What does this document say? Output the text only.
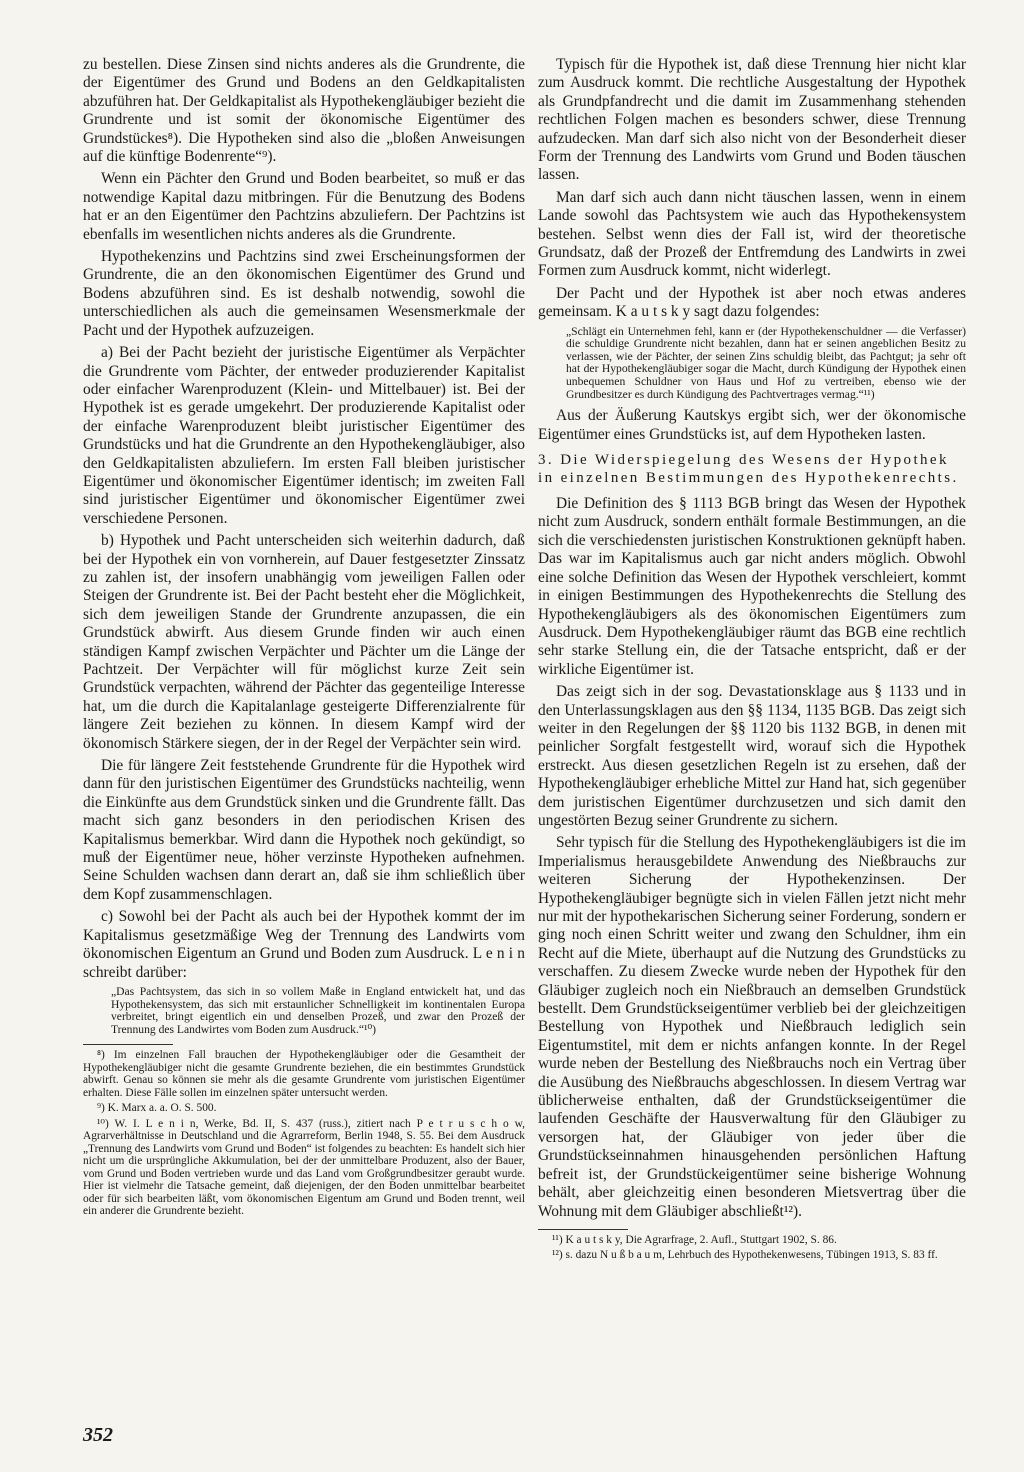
zu bestellen. Diese Zinsen sind nichts anderes als die Grundrente, die der Eigentümer des Grund und Bodens an den Geldkapitalisten abzuführen hat. Der Geldkapitalist als Hypothekengläubiger bezieht die Grundrente und ist somit der ökonomische Eigentümer des Grundstückes⁸). Die Hypotheken sind also die „bloßen Anweisungen auf die künftige Bodenrente“⁹).

Wenn ein Pächter den Grund und Boden bearbeitet, so muß er das notwendige Kapital dazu mitbringen. Für die Benutzung des Bodens hat er an den Eigentümer den Pachtzins abzuliefern. Der Pachtzins ist ebenfalls im wesentlichen nichts anderes als die Grundrente.

Hypothekenzins und Pachtzins sind zwei Erscheinungsformen der Grundrente, die an den ökonomischen Eigentümer des Grund und Bodens abzuführen sind. Es ist deshalb notwendig, sowohl die unterschiedlichen als auch die gemeinsamen Wesensmerkmale der Pacht und der Hypothek aufzuzeigen.

a) Bei der Pacht bezieht der juristische Eigentümer als Verpächter die Grundrente vom Pächter, der entweder produzierender Kapitalist oder einfacher Warenproduzent (Klein- und Mittelbauer) ist. Bei der Hypothek ist es gerade umgekehrt. Der produzierende Kapitalist oder der einfache Warenproduzent bleibt juristischer Eigentümer des Grundstücks und hat die Grundrente an den Hypothekengläubiger, also den Geldkapitalisten abzuliefern. Im ersten Fall bleiben juristischer Eigentümer und ökonomischer Eigentümer identisch; im zweiten Fall sind juristischer Eigentümer und ökonomischer Eigentümer zwei verschiedene Personen.

b) Hypothek und Pacht unterscheiden sich weiterhin dadurch, daß bei der Hypothek ein von vornherein, auf Dauer festgesetzter Zinssatz zu zahlen ist, der insofern unabhängig vom jeweiligen Fallen oder Steigen der Grundrente ist. Bei der Pacht besteht eher die Möglichkeit, sich dem jeweiligen Stande der Grundrente anzupassen, die ein Grundstück abwirft. Aus diesem Grunde finden wir auch einen ständigen Kampf zwischen Verpächter und Pächter um die Länge der Pachtzeit. Der Verpächter will für möglichst kurze Zeit sein Grundstück verpachten, während der Pächter das gegenteilige Interesse hat, um die durch die Kapitalanlage gesteigerte Differenzialrente für längere Zeit beziehen zu können. In diesem Kampf wird der ökonomisch Stärkere siegen, der in der Regel der Verpächter sein wird.

Die für längere Zeit feststehende Grundrente für die Hypothek wird dann für den juristischen Eigentümer des Grundstücks nachteilig, wenn die Einkünfte aus dem Grundstück sinken und die Grundrente fällt. Das macht sich ganz besonders in den periodischen Krisen des Kapitalismus bemerkbar. Wird dann die Hypothek noch gekündigt, so muß der Eigentümer neue, höher verzinste Hypotheken aufnehmen. Seine Schulden wachsen dann derart an, daß sie ihm schließlich über dem Kopf zusammenschlagen.

c) Sowohl bei der Pacht als auch bei der Hypothek kommt der im Kapitalismus gesetzmäßige Weg der Trennung des Landwirts vom ökonomischen Eigentum an Grund und Boden zum Ausdruck. L e n i n schreibt darüber:

„Das Pachtsystem, das sich in so vollem Maße in England entwickelt hat, und das Hypothekensystem, das sich mit erstaunlicher Schnelligkeit im kontinentalen Europa verbreitet, bringt eigentlich ein und denselben Prozeß, und zwar den Prozeß der Trennung des Landwirtes vom Boden zum Ausdruck.“¹⁰)

⁸) Im einzelnen Fall brauchen der Hypothekengläubiger oder die Gesamtheit der Hypothekengläubiger nicht die gesamte Grundrente beziehen, die ein bestimmtes Grundstück abwirft. Genau so können sie mehr als die gesamte Grundrente vom juristischen Eigentümer erhalten. Diese Fälle sollen im einzelnen später untersucht werden.

⁹) K. Marx a. a. O. S. 500.

¹⁰) W. I. L e n i n, Werke, Bd. II, S. 437 (russ.), zitiert nach P e t r u s c h o w, Agrarverhältnisse in Deutschland und die Agrarreform, Berlin 1948, S. 55. Bei dem Ausdruck „Trennung des Landwirts vom Grund und Boden“ ist folgendes zu beachten: Es handelt sich hier nicht um die ursprüngliche Akkumulation, bei der der unmittelbare Produzent, also der Bauer, vom Grund und Boden vertrieben wurde und das Land vom Großgrundbesitzer geraubt wurde. Hier ist vielmehr die Tatsache gemeint, daß diejenigen, der den Boden unmittelbar bearbeitet oder für sich bearbeiten läßt, vom ökonomischen Eigentum am Grund und Boden trennt, weil ein anderer die Grundrente bezieht.

Typisch für die Hypothek ist, daß diese Trennung hier nicht klar zum Ausdruck kommt. Die rechtliche Ausgestaltung der Hypothek als Grundpfandrecht und die damit im Zusammenhang stehenden rechtlichen Folgen machen es besonders schwer, diese Trennung aufzudecken. Man darf sich also nicht von der Besonderheit dieser Form der Trennung des Landwirts vom Grund und Boden täuschen lassen.

Man darf sich auch dann nicht täuschen lassen, wenn in einem Lande sowohl das Pachtsystem wie auch das Hypothekensystem bestehen. Selbst wenn dies der Fall ist, wird der theoretische Grundsatz, daß der Prozeß der Entfremdung des Landwirts in zwei Formen zum Ausdruck kommt, nicht widerlegt.

Der Pacht und der Hypothek ist aber noch etwas anderes gemeinsam. K a u t s k y sagt dazu folgendes:

„Schlägt ein Unternehmen fehl, kann er (der Hypothekenschuldner — die Verfasser) die schuldige Grundrente nicht bezahlen, dann hat er seinen angeblichen Besitz zu verlassen, wie der Pächter, der seinen Zins schuldig bleibt, das Pachtgut; ja sehr oft hat der Hypothekengläubiger sogar die Macht, durch Kündigung der Hypothek einen unbequemen Schuldner von Haus und Hof zu vertreiben, ebenso wie der Grundbesitzer es durch Kündigung des Pachtvertrages vermag.“¹¹)

Aus der Äußerung Kautskys ergibt sich, wer der ökonomische Eigentümer eines Grundstücks ist, auf dem Hypotheken lasten.

3. Die Widerspiegelung des Wesens der Hypothek in einzelnen Bestimmungen des Hypothekenrechts.

Die Definition des § 1113 BGB bringt das Wesen der Hypothek nicht zum Ausdruck, sondern enthält formale Bestimmungen, an die sich die verschiedensten juristischen Konstruktionen geknüpft haben. Das war im Kapitalismus auch gar nicht anders möglich. Obwohl eine solche Definition das Wesen der Hypothek verschleiert, kommt in einigen Bestimmungen des Hypothekenrechts die Stellung des Hypothekengläubigers als des ökonomischen Eigentümers zum Ausdruck. Dem Hypothekengläubiger räumt das BGB eine rechtlich sehr starke Stellung ein, die der Tatsache entspricht, daß er der wirkliche Eigentümer ist.

Das zeigt sich in der sog. Devastationsklage aus § 1133 und in den Unterlassungsklagen aus den §§ 1134, 1135 BGB. Das zeigt sich weiter in den Regelungen der §§ 1120 bis 1132 BGB, in denen mit peinlicher Sorgfalt festgestellt wird, worauf sich die Hypothek erstreckt. Aus diesen gesetzlichen Regeln ist zu ersehen, daß der Hypothekengläubiger erhebliche Mittel zur Hand hat, sich gegenüber dem juristischen Eigentümer durchzusetzen und sich damit den ungestörten Bezug seiner Grundrente zu sichern.

Sehr typisch für die Stellung des Hypothekengläubigers ist die im Imperialismus herausgebildete Anwendung des Nießbrauchs zur weiteren Sicherung der Hypothekenzinsen. Der Hypothekengläubiger begnügte sich in vielen Fällen jetzt nicht mehr nur mit der hypothekarischen Sicherung seiner Forderung, sondern er ging noch einen Schritt weiter und zwang den Schuldner, ihm ein Recht auf die Miete, überhaupt auf die Nutzung des Grundstücks zu verschaffen. Zu diesem Zwecke wurde neben der Hypothek für den Gläubiger zugleich noch ein Nießbrauch an demselben Grundstück bestellt. Dem Grundstückseigentümer verblieb bei der gleichzeitigen Bestellung von Hypothek und Nießbrauch lediglich sein Eigentumstitel, mit dem er nichts anfangen konnte. In der Regel wurde neben der Bestellung des Nießbrauchs noch ein Vertrag über die Ausübung des Nießbrauchs abgeschlossen. In diesem Vertrag war üblicherweise enthalten, daß der Grundstückseigentümer die laufenden Geschäfte der Hausverwaltung für den Gläubiger zu versorgen hat, der Gläubiger von jeder über die Grundstückseinnahmen hinausgehenden persönlichen Haftung befreit ist, der Grundstückeigentümer seine bisherige Wohnung behält, aber gleichzeitig einen besonderen Mietsvertrag über die Wohnung mit dem Gläubiger abschließt¹²).

¹¹) K a u t s k y, Die Agrarfrage, 2. Aufl., Stuttgart 1902, S. 86.

¹²) s. dazu N u ß b a u m, Lehrbuch des Hypothekenwesens, Tübingen 1913, S. 83 ff.

352
